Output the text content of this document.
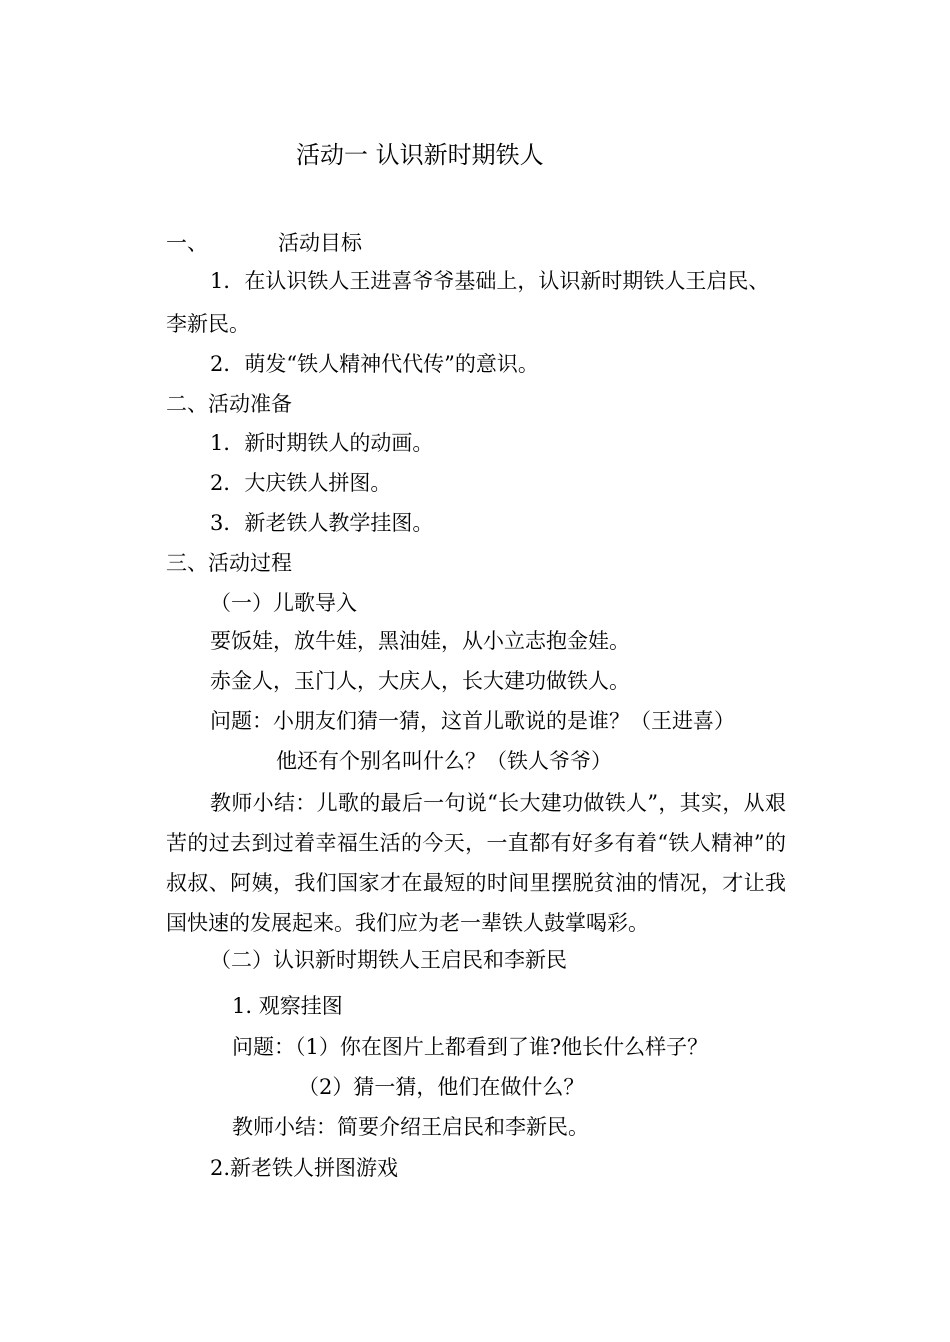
活动一 认识新时期铁人
一、	活动目标
1．在认识铁人王进喜爷爷基础上，认识新时期铁人王启民、
李新民。
2．萌发“铁人精神代代传”的意识。
二、活动准备
1．新时期铁人的动画。
2．大庆铁人拼图。
3．新老铁人教学挂图。
三、活动过程
（一）儿歌导入
要饭娃，放牛娃，黑油娃，从小立志抱金娃。
赤金人，玉门人，大庆人，长大建功做铁人。
问题：小朋友们猜一猜，这首儿歌说的是谁？（王进喜）
他还有个别名叫什么？（铁人爷爷）
教师小结：儿歌的最后一句说“长大建功做铁人”，其实，从艰苦的过去到过着幸福生活的今天，一直都有好多有着“铁人精神”的叔叔、阿姨，我们国家才在最短的时间里摆脱贫油的情况，才让我国快速的发展起来。我们应为老一辈铁人鼓掌喝彩。
（二）认识新时期铁人王启民和李新民
1. 观察挂图
问题：（1）你在图片上都看到了谁?他长什么样子？
（2）猜一猜，他们在做什么？
教师小结：简要介绍王启民和李新民。
2.新老铁人拼图游戏
